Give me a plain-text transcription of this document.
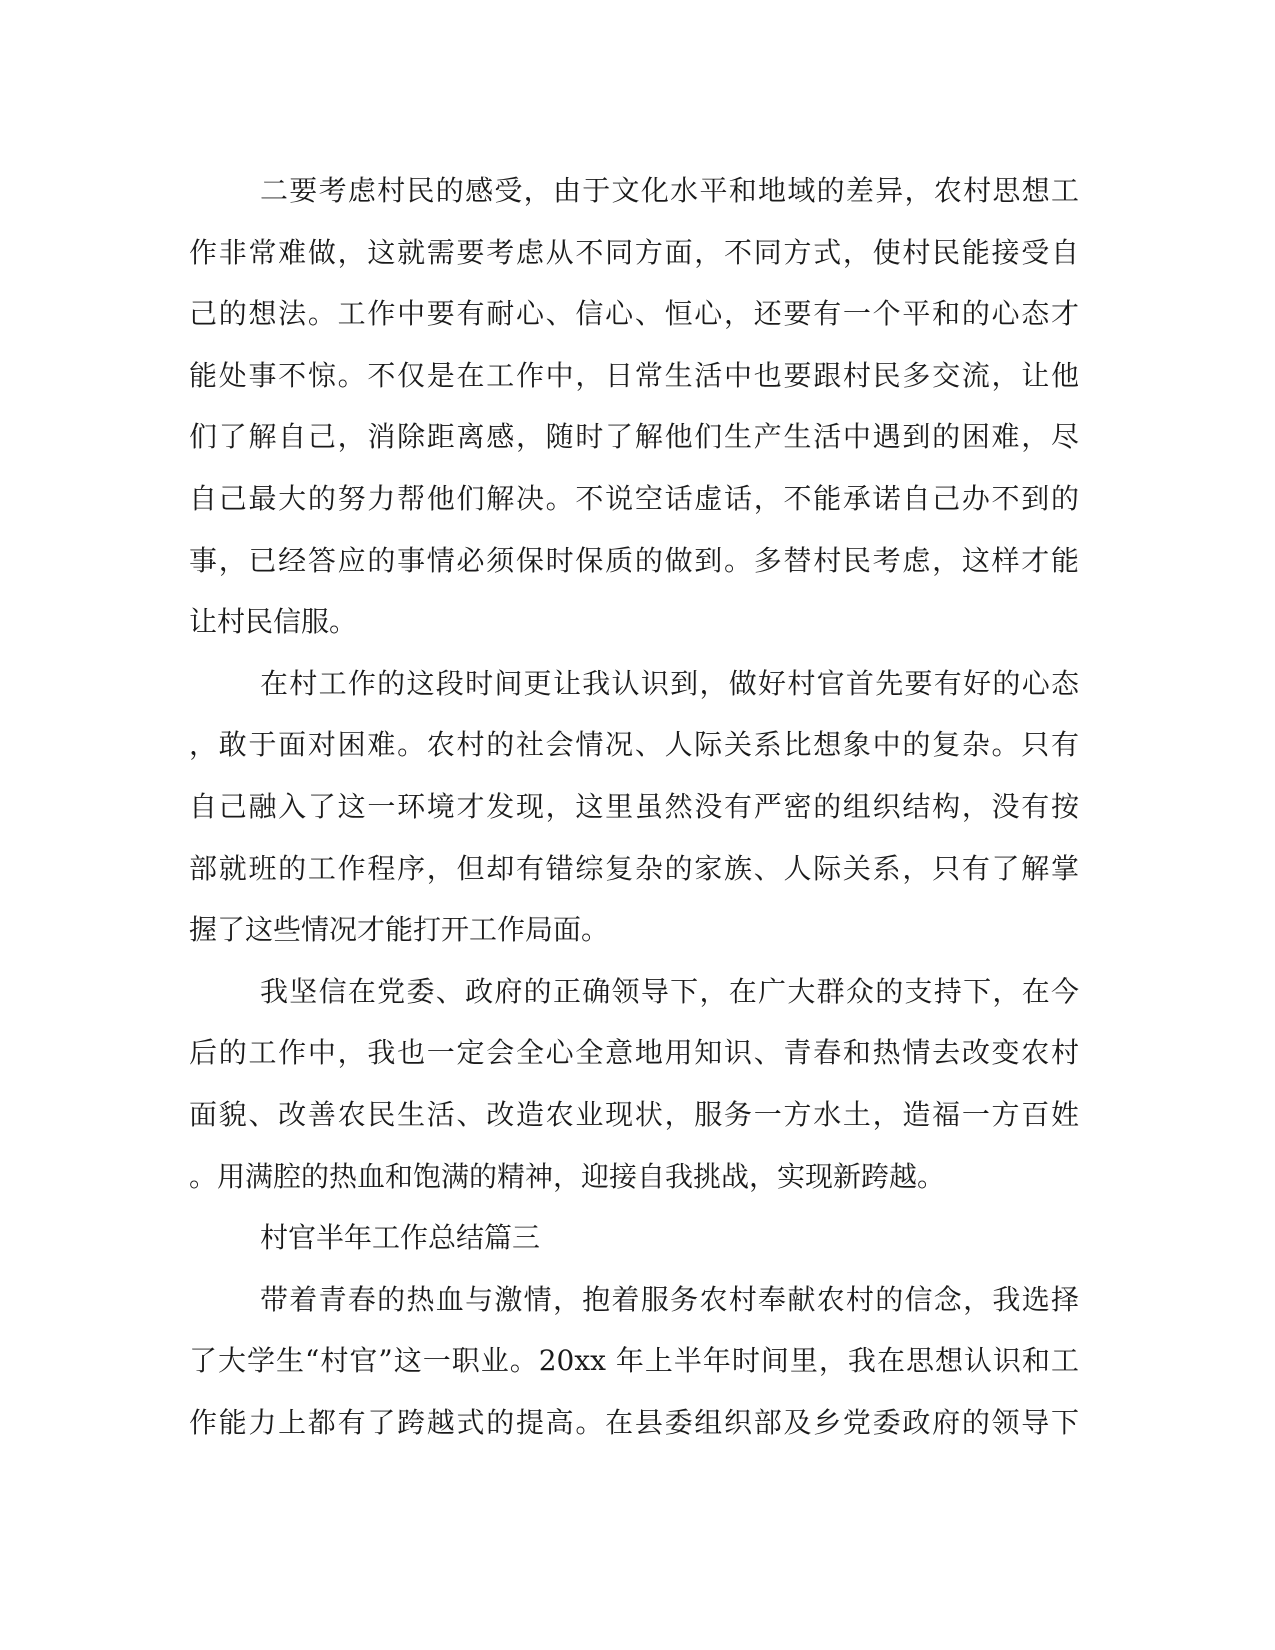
二要考虑村民的感受，由于文化水平和地域的差异，农村思想工
作非常难做，这就需要考虑从不同方面，不同方式，使村民能接受自
己的想法。工作中要有耐心、信心、恒心，还要有一个平和的心态才
能处事不惊。不仅是在工作中，日常生活中也要跟村民多交流，让他
们了解自己，消除距离感，随时了解他们生产生活中遇到的困难，尽
自己最大的努力帮他们解决。不说空话虚话，不能承诺自己办不到的
事，已经答应的事情必须保时保质的做到。多替村民考虑，这样才能
让村民信服。
在村工作的这段时间更让我认识到，做好村官首先要有好的心态
，敢于面对困难。农村的社会情况、人际关系比想象中的复杂。只有
自己融入了这一环境才发现，这里虽然没有严密的组织结构，没有按
部就班的工作程序，但却有错综复杂的家族、人际关系，只有了解掌
握了这些情况才能打开工作局面。
我坚信在党委、政府的正确领导下，在广大群众的支持下，在今
后的工作中，我也一定会全心全意地用知识、青春和热情去改变农村
面貌、改善农民生活、改造农业现状，服务一方水土，造福一方百姓
。用满腔的热血和饱满的精神，迎接自我挑战，实现新跨越。
村官半年工作总结篇三
带着青春的热血与激情，抱着服务农村奉献农村的信念，我选择
了大学生“村官”这一职业。20xx 年上半年时间里，我在思想认识和工
作能力上都有了跨越式的提高。在县委组织部及乡党委政府的领导下
